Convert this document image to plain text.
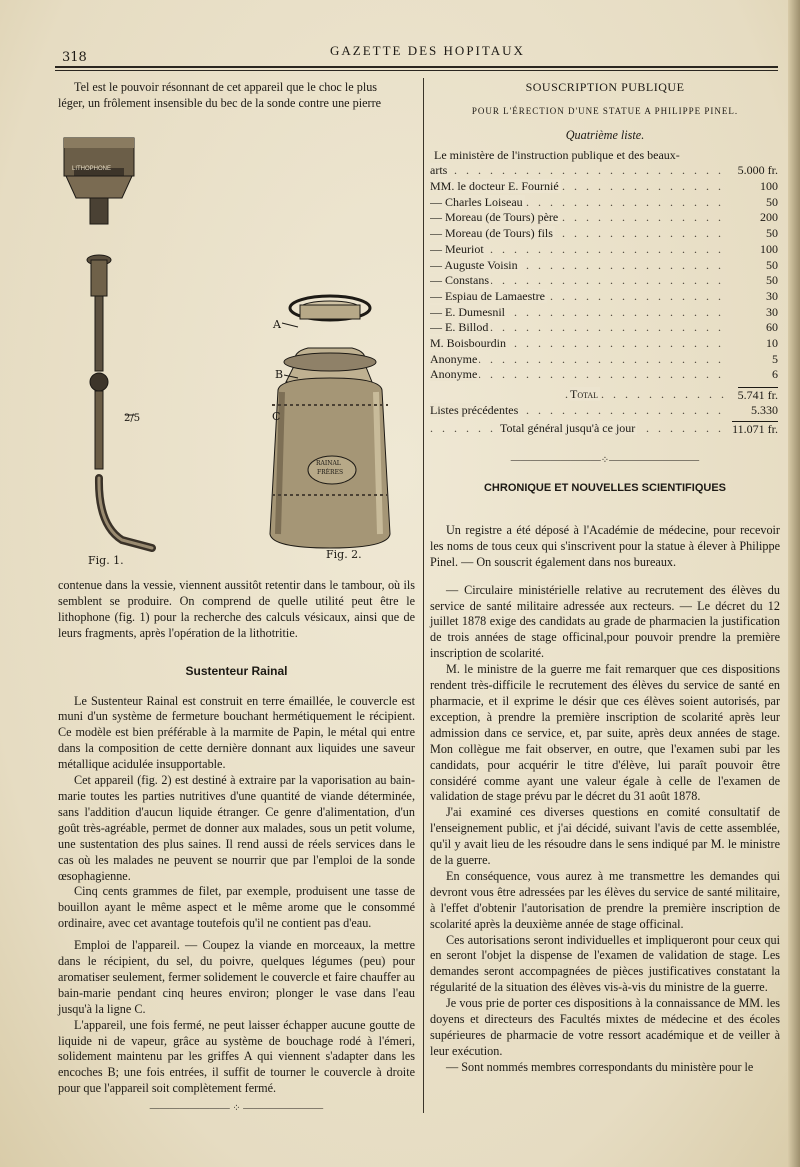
318	GAZETTE DES HOPITAUX
Tel est le pouvoir résonnant de cet appareil que le choc le plus
léger, un frôlement insensible du bec de la sonde contre une pierre
LITHOPHONE
2/5
A
B
C
RAINAL
FRÈRES
Fig. 1.	Fig. 2.

contenue dans la vessie, viennent aussitôt retentir dans le tambour, où ils semblent se produire. On comprend de quelle utilité peut être le lithophone (fig. 1) pour la recherche des calculs vésicaux, ainsi que de leurs fragments, après l'opération de la lithotritie.

Sustenteur Rainal

Le Sustenteur Rainal est construit en terre émaillée, le couvercle est muni d'un système de fermeture bouchant hermétiquement le récipient. Ce modèle est bien préférable à la marmite de Papin, le métal qui entre dans la composition de cette dernière donnant aux liquides une saveur métallique acidulée insupportable.

Cet appareil (fig. 2) est destiné à extraire par la vaporisation au bain-marie toutes les parties nutritives d'une quantité de viande déterminée, sans l'addition d'aucun liquide étranger. Ce genre d'alimentation, d'un goût très-agréable, permet de donner aux malades, sous un petit volume, une sustentation des plus saines. Il rend aussi de réels services dans le cas où les malades ne peuvent se nourrir que par l'emploi de la sonde œsophagienne.

Cinq cents grammes de filet, par exemple, produisent une tasse de bouillon ayant le même aspect et le même arome que le consommé ordinaire, avec cet avantage toutefois qu'il ne contient pas d'eau.

Emploi de l'appareil. — Coupez la viande en morceaux, la mettre dans le récipient, du sel, du poivre, quelques légumes (peu) pour aromatiser seulement, fermer solidement le couvercle et faire chauffer au bain-marie pendant cinq heures environ; plonger le vase dans l'eau jusqu'à la ligne C.

L'appareil, une fois fermé, ne peut laisser échapper aucune goutte de liquide ni de vapeur, grâce au système de bouchage rodé à l'émeri, solidement maintenu par les griffes A qui viennent s'adapter dans les encoches B; une fois entrées, il suffit de tourner le couvercle à droite pour que l'appareil soit complètement fermé.

———————— ⁘ ————————
SOUSCRIPTION PUBLIQUE
POUR L'ÉRECTION D'UNE STATUE A PHILIPPE PINEL.
Quatrième liste.
Le ministère de l'instruction publique et des beaux-
. . .
arts	5.000 fr.
. . .
MM. le docteur E. Fournié	100
. . .
— Charles Loiseau	50
. . .
— Moreau (de Tours) père	200
. . .
— Moreau (de Tours) fils	50
. . .
— Meuriot	100
. . .
— Auguste Voisin	50
. . .
— Constans	50
. . .
— Espiau de Lamaestre	30
. . .
— E. Dumesnil	30
. . .
— E. Billod	60
. . .
M. Boisbourdin	10
. . .
Anonyme	5
. . .
Anonyme	6
. . .
Total	5.741 fr.
. . .
Listes précédentes	5.330
. . .
Total général jusqu'à ce jour	11.071 fr.
—————————⁘—————————
CHRONIQUE ET NOUVELLES SCIENTIFIQUES

Un registre a été déposé à l'Académie de médecine, pour recevoir les noms de tous ceux qui s'inscrivent pour la statue à élever à Philippe Pinel. — On souscrit également dans nos bureaux.

— Circulaire ministérielle relative au recrutement des élèves du service de santé militaire adressée aux recteurs. — Le décret du 12 juillet 1878 exige des candidats au grade de pharmacien la justification de trois années de stage officinal,pour pouvoir prendre la première inscription de scolarité.

M. le ministre de la guerre me fait remarquer que ces dispositions rendent très-difficile le recrutement des élèves du service de santé en pharmacie, et il exprime le désir que ces élèves soient autorisés, par exception, à prendre la première inscription de scolarité après leur admission dans ce service, et, par suite, après deux années de stage. Mon collègue me fait observer, en outre, que l'examen subi par les candidats, pour acquérir le titre d'élève, lui paraît pouvoir être considéré comme ayant une valeur égale à celle de l'examen de validation de stage prévu par le décret du 31 août 1878.

J'ai examiné ces diverses questions en comité consultatif de l'enseignement public, et j'ai décidé, suivant l'avis de cette assemblée, qu'il y avait lieu de les résoudre dans le sens indiqué par M. le ministre de la guerre.

En conséquence, vous aurez à me transmettre les demandes qui devront vous être adressées par les élèves du service de santé militaire, à l'effet d'obtenir l'autorisation de prendre la première inscription de scolarité après la deuxième année de stage officinal.

Ces autorisations seront individuelles et impliqueront pour ceux qui en seront l'objet la dispense de l'examen de validation de stage. Les demandes seront accompagnées de pièces justificatives constatant la régularité de la situation des élèves vis-à-vis du ministre de la guerre.

Je vous prie de porter ces dispositions à la connaissance de MM. les doyens et directeurs des Facultés mixtes de médecine et des écoles supérieures de pharmacie de votre ressort académique et de veiller à leur exécution.

— Sont nommés membres correspondants du ministère pour le
